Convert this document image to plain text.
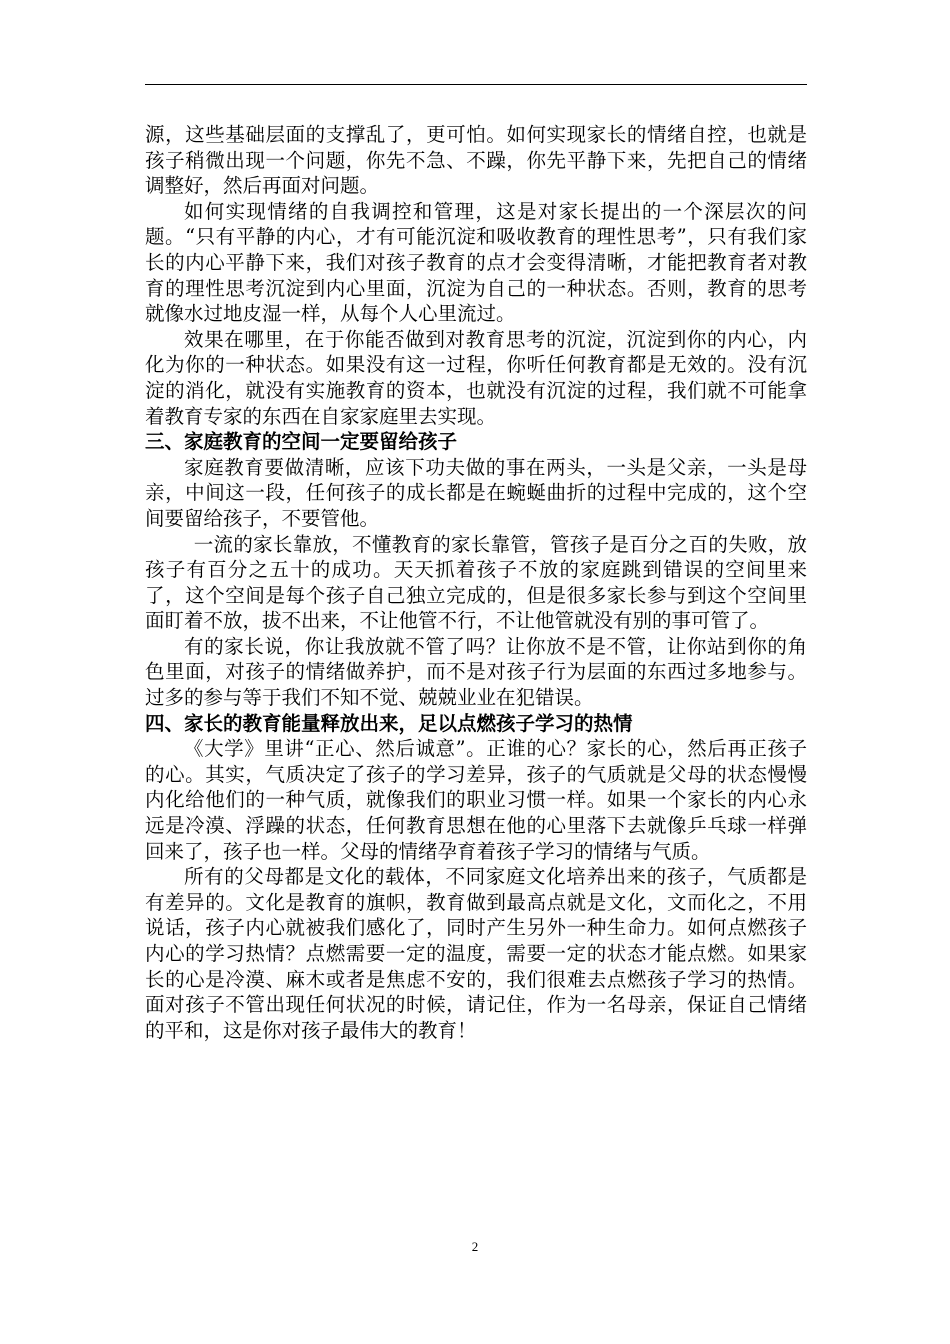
源，这些基础层面的支撑乱了，更可怕。如何实现家长的情绪自控，也就是孩子稍微出现一个问题，你先不急、不躁，你先平静下来，先把自己的情绪调整好，然后再面对问题。

如何实现情绪的自我调控和管理，这是对家长提出的一个深层次的问题。“只有平静的内心，才有可能沉淀和吸收教育的理性思考”，只有我们家长的内心平静下来，我们对孩子教育的点才会变得清晰，才能把教育者对教育的理性思考沉淀到内心里面，沉淀为自己的一种状态。否则，教育的思考就像水过地皮湿一样，从每个人心里流过。

效果在哪里，在于你能否做到对教育思考的沉淀，沉淀到你的内心，内化为你的一种状态。如果没有这一过程，你听任何教育都是无效的。没有沉淀的消化，就没有实施教育的资本，也就没有沉淀的过程，我们就不可能拿着教育专家的东西在自家家庭里去实现。

三、家庭教育的空间一定要留给孩子

家庭教育要做清晰，应该下功夫做的事在两头，一头是父亲，一头是母亲，中间这一段，任何孩子的成长都是在蜿蜒曲折的过程中完成的，这个空间要留给孩子，不要管他。

一流的家长靠放，不懂教育的家长靠管，管孩子是百分之百的失败，放孩子有百分之五十的成功。天天抓着孩子不放的家庭跳到错误的空间里来了，这个空间是每个孩子自己独立完成的，但是很多家长参与到这个空间里面盯着不放，拔不出来，不让他管不行，不让他管就没有别的事可管了。

有的家长说，你让我放就不管了吗？让你放不是不管，让你站到你的角色里面，对孩子的情绪做养护，而不是对孩子行为层面的东西过多地参与。过多的参与等于我们不知不觉、兢兢业业在犯错误。

四、家长的教育能量释放出来，足以点燃孩子学习的热情

《大学》里讲“正心、然后诚意”。正谁的心？家长的心，然后再正孩子的心。其实，气质决定了孩子的学习差异，孩子的气质就是父母的状态慢慢内化给他们的一种气质，就像我们的职业习惯一样。如果一个家长的内心永远是冷漠、浮躁的状态，任何教育思想在他的心里落下去就像乒乓球一样弹回来了，孩子也一样。父母的情绪孕育着孩子学习的情绪与气质。

所有的父母都是文化的载体，不同家庭文化培养出来的孩子，气质都是有差异的。文化是教育的旗帜，教育做到最高点就是文化，文而化之，不用说话，孩子内心就被我们感化了，同时产生另外一种生命力。如何点燃孩子内心的学习热情？点燃需要一定的温度，需要一定的状态才能点燃。如果家长的心是冷漠、麻木或者是焦虑不安的，我们很难去点燃孩子学习的热情。面对孩子不管出现任何状况的时候，请记住，作为一名母亲，保证自己情绪的平和，这是你对孩子最伟大的教育！

2
